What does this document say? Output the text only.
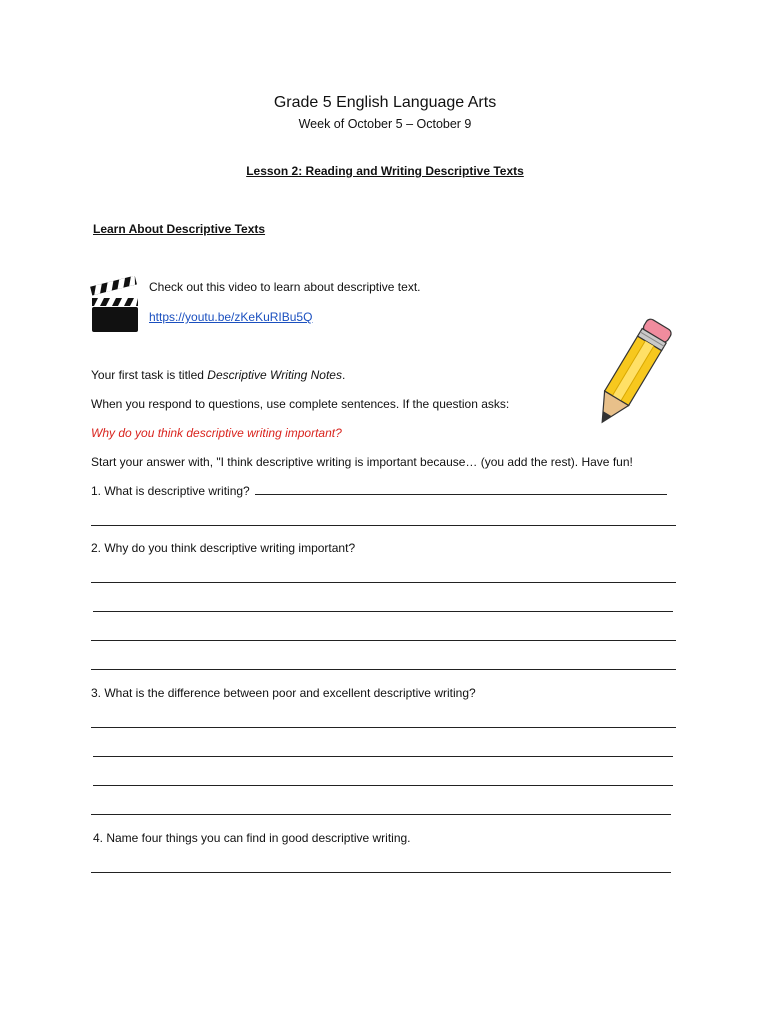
Grade 5 English Language Arts
Week of October 5 – October 9
Lesson 2: Reading and Writing Descriptive Texts
Learn About Descriptive Texts
Check out this video to learn about descriptive text.
https://youtu.be/zKeKuRIBu5Q
Your first task is titled Descriptive Writing Notes.
When you respond to questions, use complete sentences. If the question asks:
Why do you think descriptive writing important?
Start your answer with, "I think descriptive writing is important because… (you add the rest). Have fun!
1. What is descriptive writing?
2. Why do you think descriptive writing important?
3. What is the difference between poor and excellent descriptive writing?
4. Name four things you can find in good descriptive writing.
